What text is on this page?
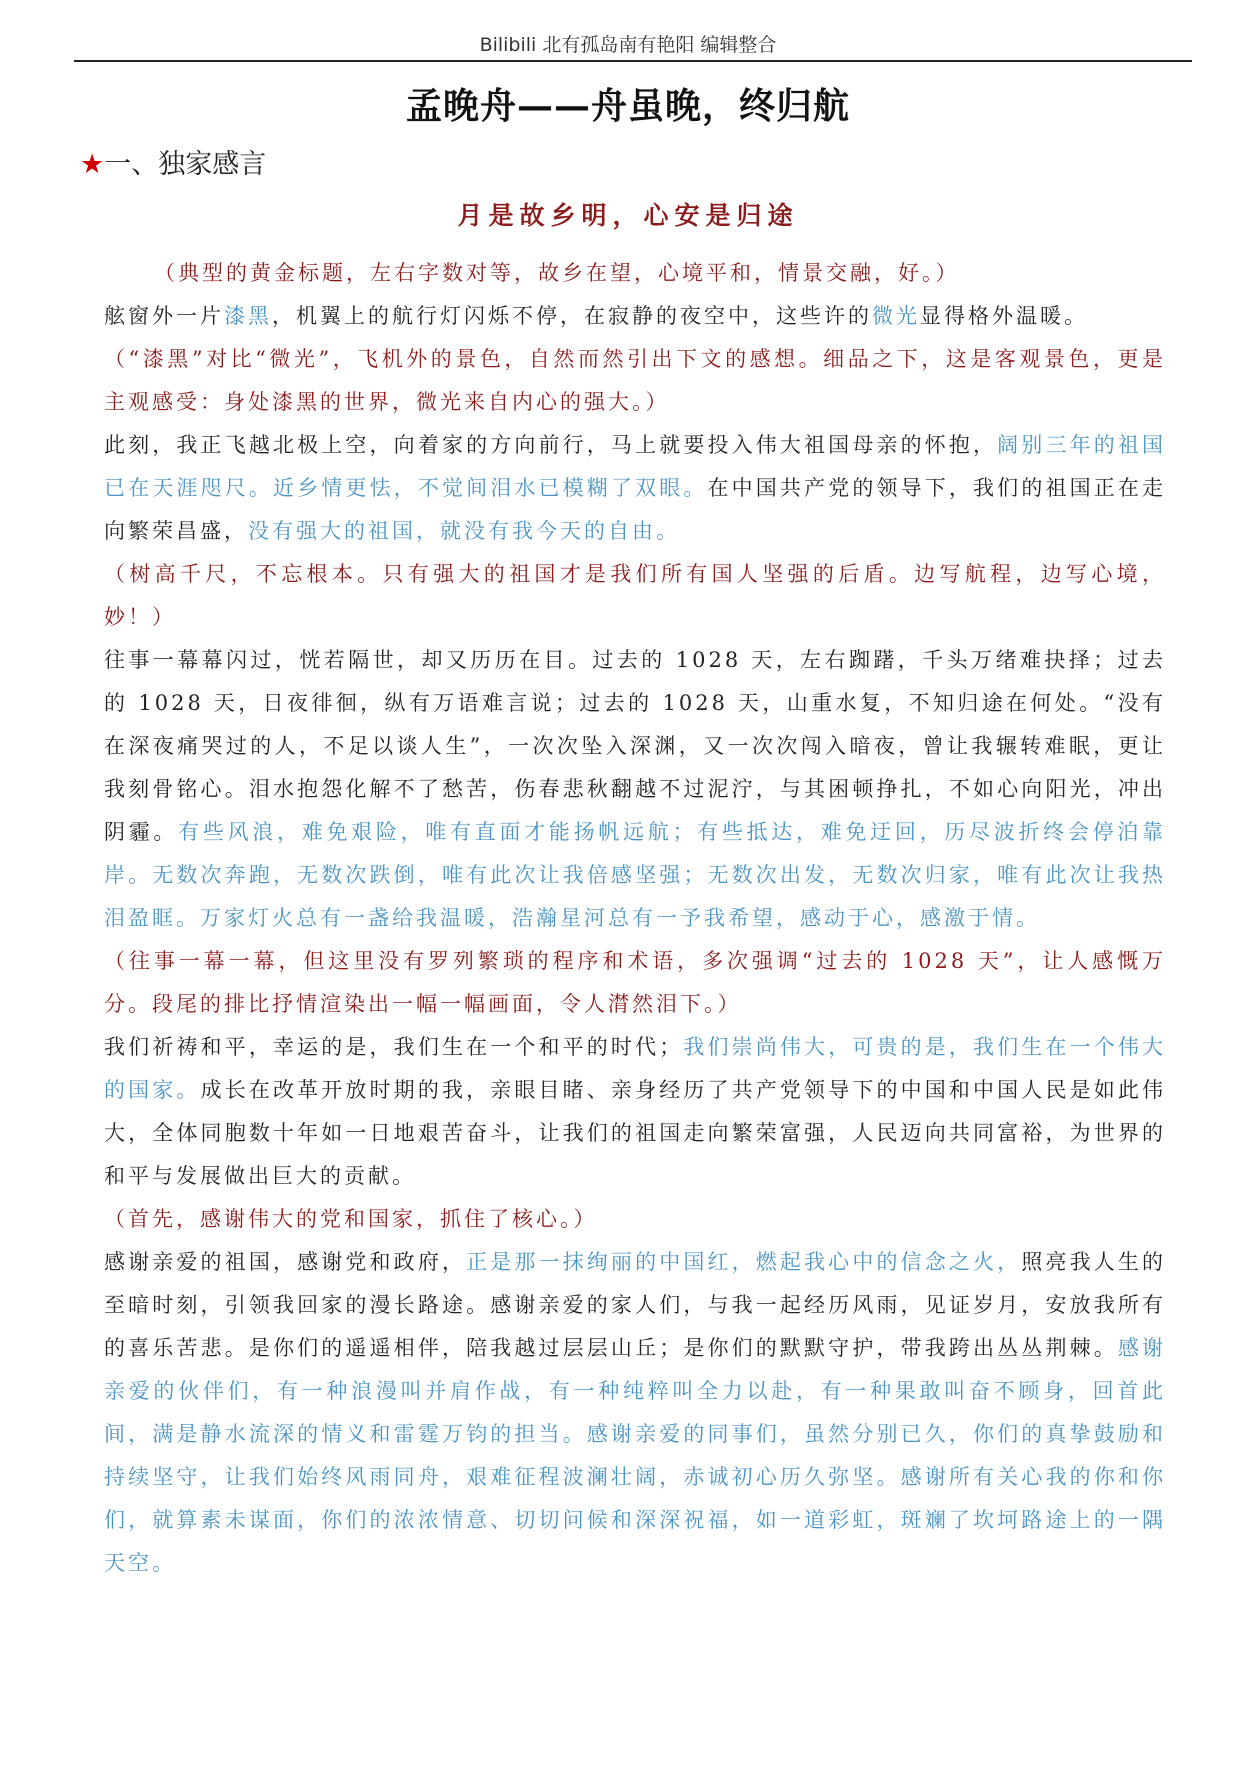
Bilibili 北有孤岛南有艳阳 编辑整合
孟晚舟——舟虽晚，终归航
★一、独家感言
月是故乡明，心安是归途

（典型的黄金标题，左右字数对等，故乡在望，心境平和，情景交融，好。）

舷窗外一片漆黑，机翼上的航行灯闪烁不停，在寂静的夜空中，这些许的微光显得格外温暖。

（“漆黑”对比“微光”，飞机外的景色，自然而然引出下文的感想。细品之下，这是客观景色，更是主观感受：身处漆黑的世界，微光来自内心的强大。）

此刻，我正飞越北极上空，向着家的方向前行，马上就要投入伟大祖国母亲的怀抱，阔别三年的祖国已在天涯咫尺。近乡情更怯，不觉间泪水已模糊了双眼。在中国共产党的领导下，我们的祖国正在走向繁荣昌盛，没有强大的祖国，就没有我今天的自由。

（树高千尺，不忘根本。只有强大的祖国才是我们所有国人坚强的后盾。边写航程，边写心境，妙！）

往事一幕幕闪过，恍若隔世，却又历历在目。过去的 1028 天，左右踟躇，千头万绪难抉择；过去的 1028 天，日夜徘徊，纵有万语难言说；过去的 1028 天，山重水复，不知归途在何处。“没有在深夜痛哭过的人，不足以谈人生”，一次次坠入深渊，又一次次闯入暗夜，曾让我辗转难眠，更让我刻骨铭心。泪水抱怨化解不了愁苦，伤春悲秋翻越不过泥泞，与其困顿挣扎，不如心向阳光，冲出阴霾。有些风浪，难免艰险，唯有直面才能扬帆远航；有些抵达，难免迂回，历尽波折终会停泊靠岸。无数次奔跑，无数次跌倒，唯有此次让我倍感坚强；无数次出发，无数次归家，唯有此次让我热泪盈眶。万家灯火总有一盏给我温暖，浩瀚星河总有一予我希望，感动于心，感激于情。

（往事一幕一幕，但这里没有罗列繁琐的程序和术语，多次强调“过去的 1028 天”，让人感慨万分。段尾的排比抒情渲染出一幅一幅画面，令人潸然泪下。）

我们祈祷和平，幸运的是，我们生在一个和平的时代；我们崇尚伟大，可贵的是，我们生在一个伟大的国家。成长在改革开放时期的我，亲眼目睹、亲身经历了共产党领导下的中国和中国人民是如此伟大，全体同胞数十年如一日地艰苦奋斗，让我们的祖国走向繁荣富强，人民迈向共同富裕，为世界的和平与发展做出巨大的贡献。

（首先，感谢伟大的党和国家，抓住了核心。）

感谢亲爱的祖国，感谢党和政府，正是那一抹绚丽的中国红，燃起我心中的信念之火，照亮我人生的至暗时刻，引领我回家的漫长路途。感谢亲爱的家人们，与我一起经历风雨，见证岁月，安放我所有的喜乐苦悲。是你们的遥遥相伴，陪我越过层层山丘；是你们的默默守护，带我跨出丛丛荆棘。感谢亲爱的伙伴们，有一种浪漫叫并肩作战，有一种纯粹叫全力以赴，有一种果敢叫奋不顾身，回首此间，满是静水流深的情义和雷霆万钧的担当。感谢亲爱的同事们，虽然分别已久，你们的真挚鼓励和持续坚守，让我们始终风雨同舟，艰难征程波澜壮阔，赤诚初心历久弥坚。感谢所有关心我的你和你们，就算素未谋面，你们的浓浓情意、切切问候和深深祝福，如一道彩虹，斑斓了坎坷路途上的一隅天空。
